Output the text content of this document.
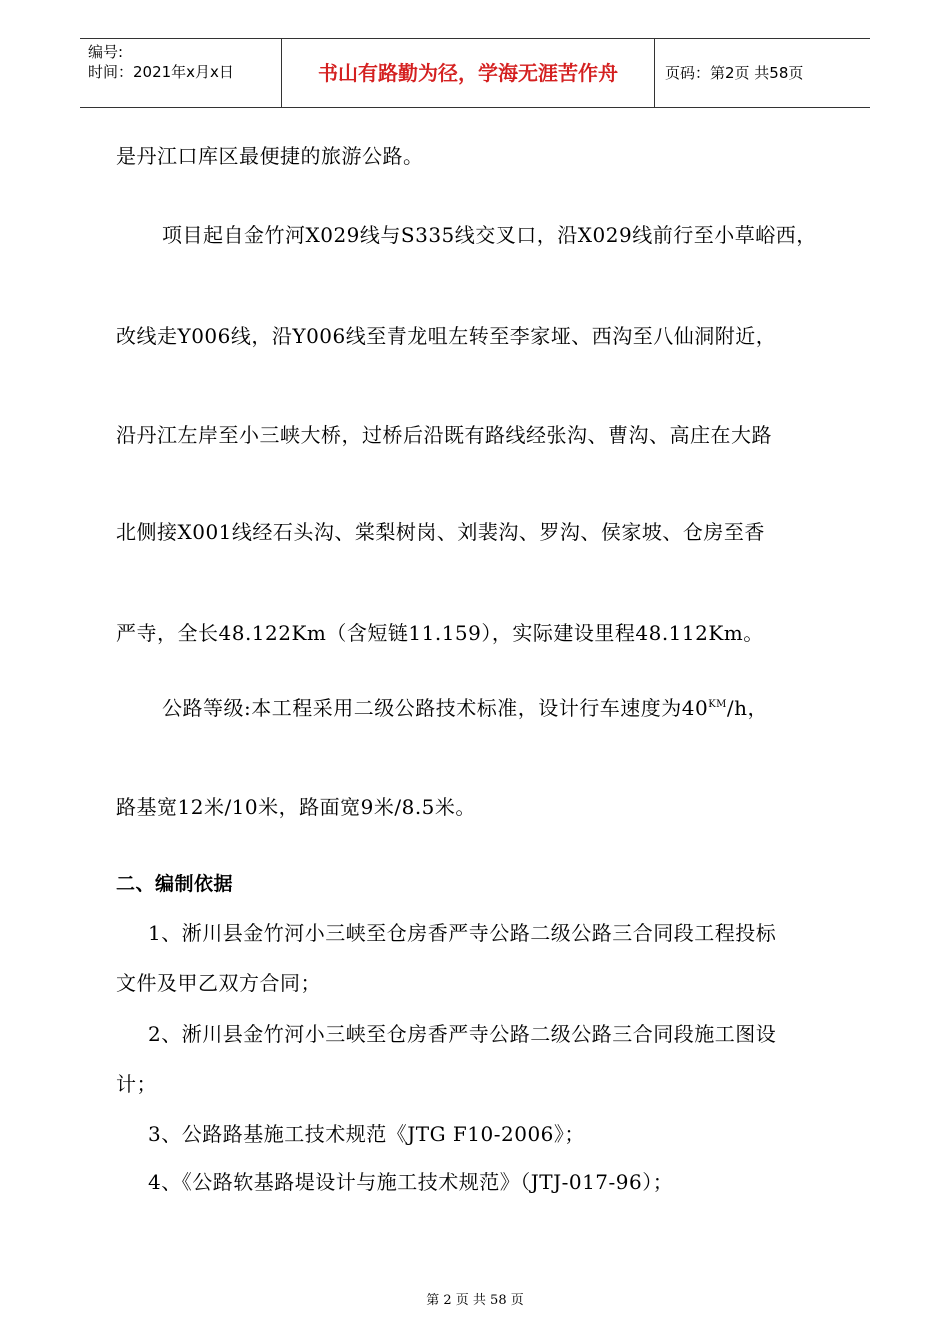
编号:
时间：2021年x月x日	书山有路勤为径，学海无涯苦作舟	页码：第2页 共58页
是丹江口库区最便捷的旅游公路。
项目起自金竹河X029线与S335线交叉口，沿X029线前行至小草峪西，
改线走Y006线，沿Y006线至青龙咀左转至李家垭、西沟至八仙洞附近，
沿丹江左岸至小三峡大桥，过桥后沿既有路线经张沟、曹沟、高庄在大路
北侧接X001线经石头沟、棠梨树岗、刘裴沟、罗沟、侯家坡、仓房至香
严寺，全长48.122Km（含短链11.159），实际建设里程48.112Km。
公路等级:本工程采用二级公路技术标准，设计行车速度为$40^{KM}/h$，
路基宽12米/10米，路面宽9米/8.5米。
二、编制依据
1、淅川县金竹河小三峡至仓房香严寺公路二级公路三合同段工程投标
文件及甲乙双方合同；
2、淅川县金竹河小三峡至仓房香严寺公路二级公路三合同段施工图设
计；
3、公路路基施工技术规范《JTG F10-2006》；
4、《公路软基路堤设计与施工技术规范》（JTJ-017-96）；
第 2 页 共 58 页
